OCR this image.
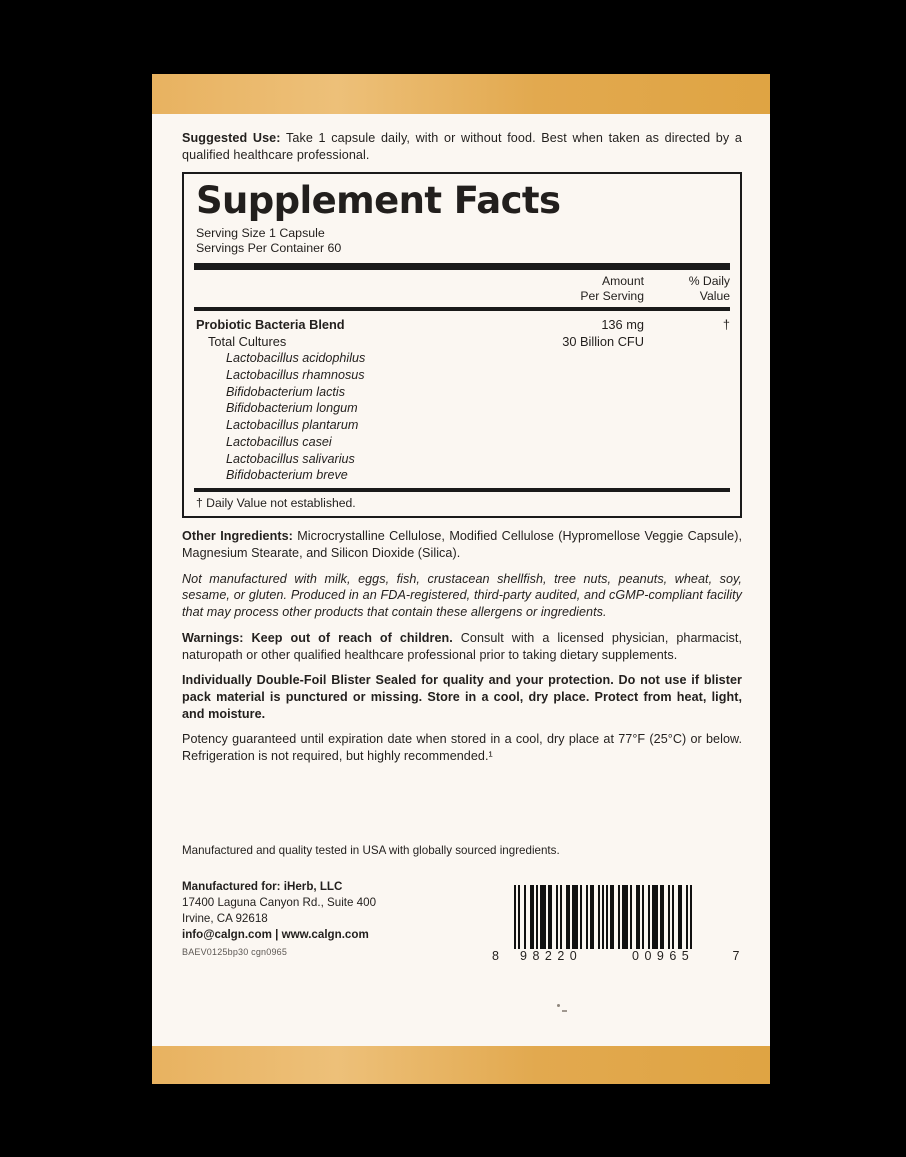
Suggested Use: Take 1 capsule daily, with or without food. Best when taken as directed by a qualified healthcare professional.
Supplement Facts
Serving Size 1 Capsule
Servings Per Container 60
Amount
Per Serving
% Daily
Value
Probiotic Bacteria Blend	136 mg	†
Total Cultures	30 Billion CFU
Lactobacillus acidophilus
Lactobacillus rhamnosus
Bifidobacterium lactis
Bifidobacterium longum
Lactobacillus plantarum
Lactobacillus casei
Lactobacillus salivarius
Bifidobacterium breve
† Daily Value not established.

Other Ingredients: Microcrystalline Cellulose, Modified Cellulose (Hypromellose Veggie Capsule), Magnesium Stearate, and Silicon Dioxide (Silica).

Not manufactured with milk, eggs, fish, crustacean shellfish, tree nuts, peanuts, wheat, soy, sesame, or gluten. Produced in an FDA-registered, third-party audited, and cGMP-compliant facility that may process other products that contain these allergens or ingredients.

Warnings: Keep out of reach of children. Consult with a licensed physician, pharmacist, naturopath or other qualified healthcare professional prior to taking dietary supplements.

Individually Double-Foil Blister Sealed for quality and your protection. Do not use if blister pack material is punctured or missing. Store in a cool, dry place. Protect from heat, light, and moisture.

Potency guaranteed until expiration date when stored in a cool, dry place at 77°F (25°C) or below. Refrigeration is not required, but highly recommended.¹

Manufactured and quality tested in USA with globally sourced ingredients.
Manufactured for: iHerb, LLC
17400 Laguna Canyon Rd., Suite 400
Irvine, CA 92618
info@calgn.com | www.calgn.com
BAEV0125bp30 cgn0965	8 98220	00965	7
